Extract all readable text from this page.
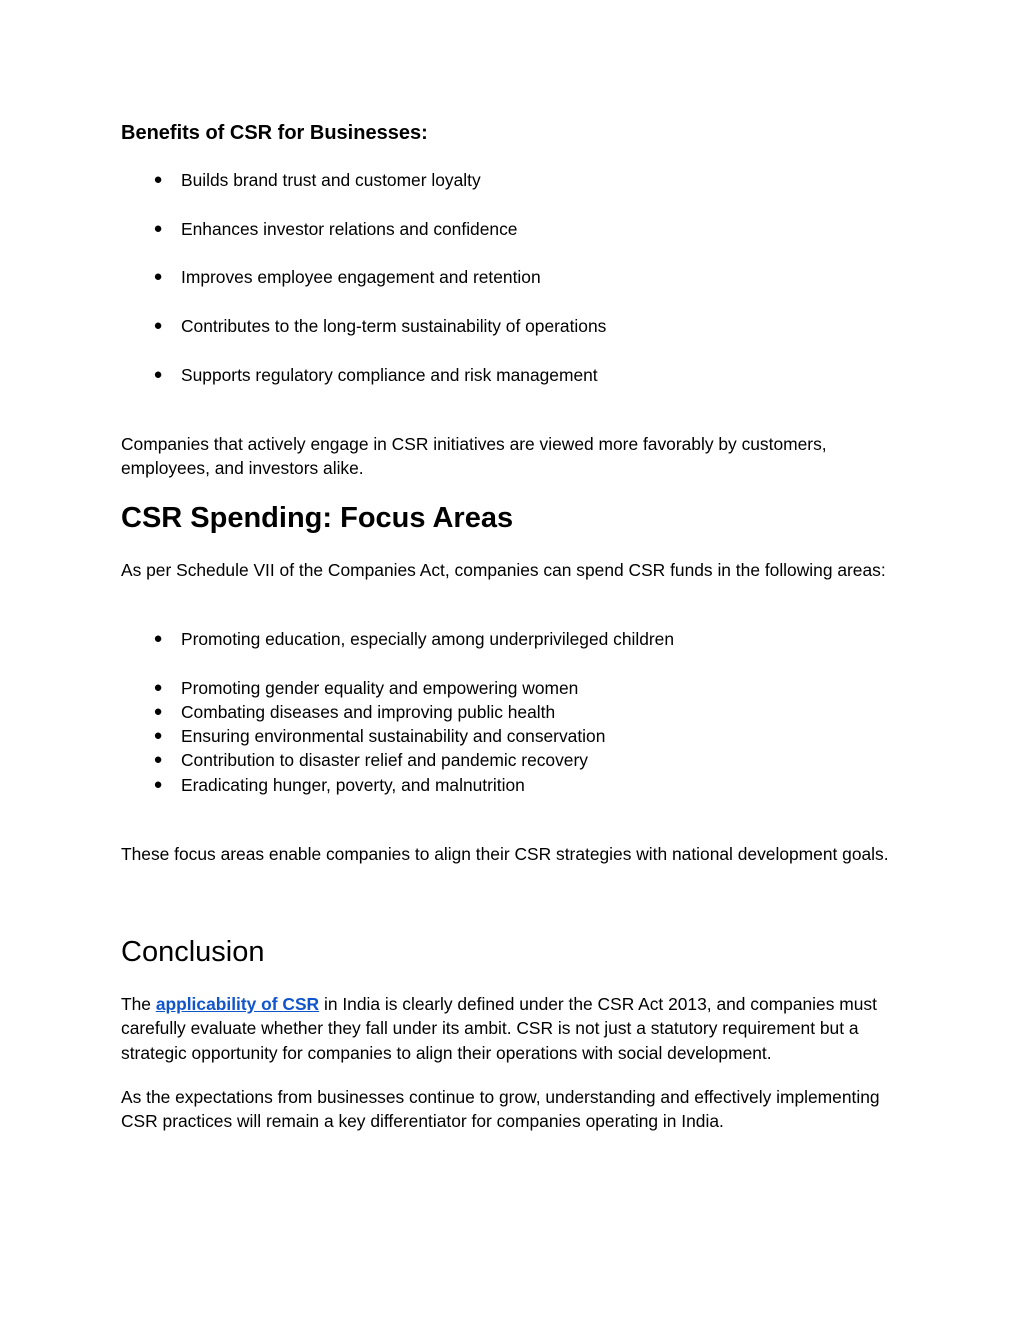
Benefits of CSR for Businesses:
● Builds brand trust and customer loyalty
● Enhances investor relations and confidence
● Improves employee engagement and retention
● Contributes to the long-term sustainability of operations
● Supports regulatory compliance and risk management
Companies that actively engage in CSR initiatives are viewed more favorably by customers, employees, and investors alike.
CSR Spending: Focus Areas
As per Schedule VII of the Companies Act, companies can spend CSR funds in the following areas:
● Promoting education, especially among underprivileged children
● Promoting gender equality and empowering women
● Combating diseases and improving public health
● Ensuring environmental sustainability and conservation
● Contribution to disaster relief and pandemic recovery
● Eradicating hunger, poverty, and malnutrition
These focus areas enable companies to align their CSR strategies with national development goals.
Conclusion
The applicability of CSR in India is clearly defined under the CSR Act 2013, and companies must carefully evaluate whether they fall under its ambit. CSR is not just a statutory requirement but a strategic opportunity for companies to align their operations with social development.
As the expectations from businesses continue to grow, understanding and effectively implementing CSR practices will remain a key differentiator for companies operating in India.
